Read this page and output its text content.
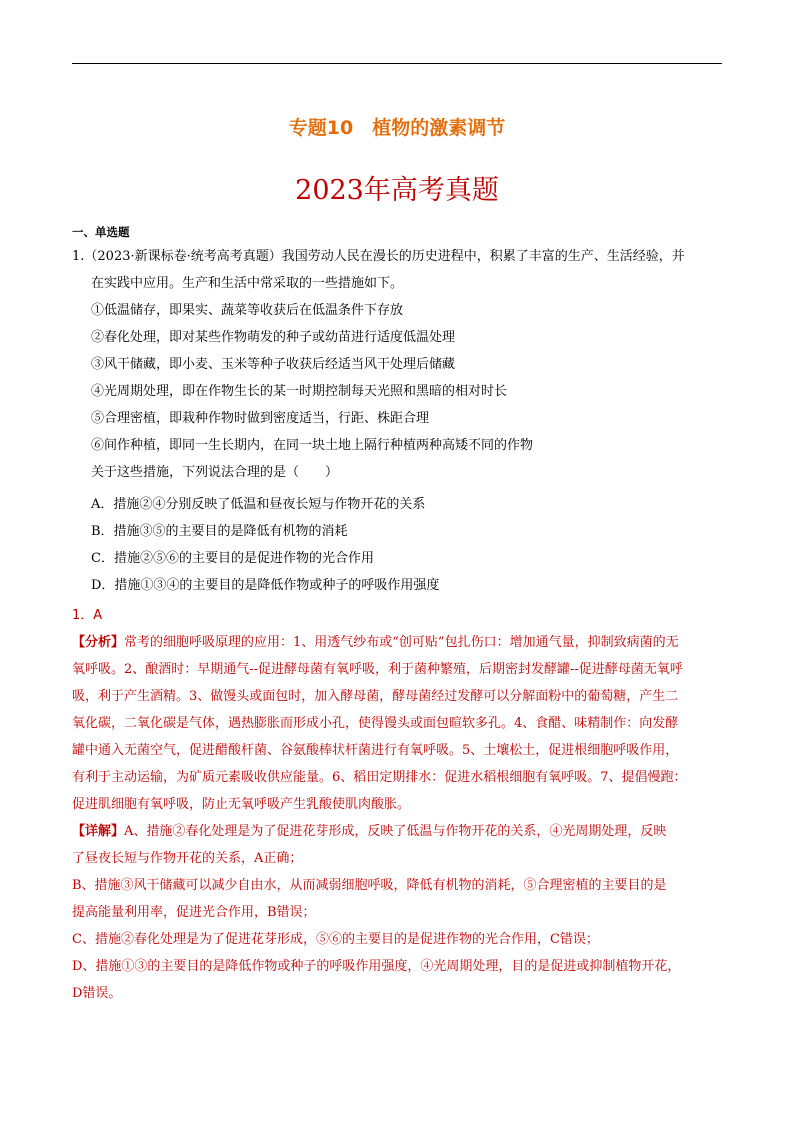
专题10　植物的激素调节
2023年高考真题
一、单选题
1.（2023·新课标卷·统考高考真题）我国劳动人民在漫长的历史进程中，积累了丰富的生产、生活经验，并
在实践中应用。生产和生活中常采取的一些措施如下。
①低温储存，即果实、蔬菜等收获后在低温条件下存放
②春化处理，即对某些作物萌发的种子或幼苗进行适度低温处理
③风干储藏，即小麦、玉米等种子收获后经适当风干处理后储藏
④光周期处理，即在作物生长的某一时期控制每天光照和黑暗的相对时长
⑤合理密植，即栽种作物时做到密度适当，行距、株距合理
⑥间作种植，即同一生长期内，在同一块土地上隔行种植两种高矮不同的作物
关于这些措施，下列说法合理的是（　　）
A．措施②④分别反映了低温和昼夜长短与作物开花的关系
B．措施③⑤的主要目的是降低有机物的消耗
C．措施②⑤⑥的主要目的是促进作物的光合作用
D．措施①③④的主要目的是降低作物或种子的呼吸作用强度
1．A
【分析】常考的细胞呼吸原理的应用：1、用透气纱布或“创可贴”包扎伤口：增加通气量，抑制致病菌的无
氧呼吸。2、酿酒时：早期通气--促进酵母菌有氧呼吸，利于菌种繁殖，后期密封发酵罐--促进酵母菌无氧呼
吸，利于产生酒精。3、做馒头或面包时，加入酵母菌，酵母菌经过发酵可以分解面粉中的葡萄糖，产生二
氧化碳，二氧化碳是气体，遇热膨胀而形成小孔，使得馒头或面包暄软多孔。4、食醋、味精制作：向发酵
罐中通入无菌空气，促进醋酸杆菌、谷氨酸棒状杆菌进行有氧呼吸。5、土壤松土，促进根细胞呼吸作用，
有利于主动运输，为矿质元素吸收供应能量。6、稻田定期排水：促进水稻根细胞有氧呼吸。7、提倡慢跑：
促进肌细胞有氧呼吸，防止无氧呼吸产生乳酸使肌肉酸胀。
【详解】A、措施②春化处理是为了促进花芽形成，反映了低温与作物开花的关系，④光周期处理，反映
了昼夜长短与作物开花的关系，A正确；
B、措施③风干储藏可以减少自由水，从而减弱细胞呼吸，降低有机物的消耗，⑤合理密植的主要目的是
提高能量利用率，促进光合作用，B错误；
C、措施②春化处理是为了促进花芽形成，⑤⑥的主要目的是促进作物的光合作用，C错误；
D、措施①③的主要目的是降低作物或种子的呼吸作用强度，④光周期处理，目的是促进或抑制植物开花，
D错误。
